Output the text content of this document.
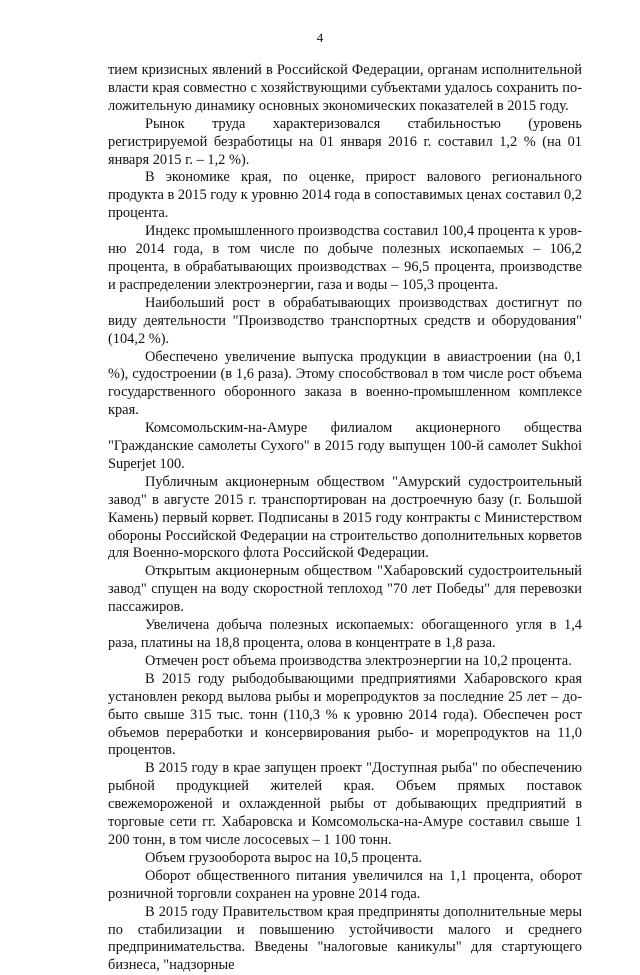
4

тием кризисных явлений в Российской Федерации, органам исполнительной власти края совместно с хозяйствующими субъектами удалось сохранить положительную динамику основных экономических показателей в 2015 году.

Рынок труда характеризовался стабильностью (уровень регистрируемой безработицы на 01 января 2016 г. составил 1,2 % (на 01 января 2015 г. – 1,2 %).

В экономике края, по оценке, прирост валового регионального продукта в 2015 году к уровню 2014 года в сопоставимых ценах составил 0,2 процента.

Индекс промышленного производства составил 100,4 процента к уровню 2014 года, в том числе по добыче полезных ископаемых – 106,2 процента, в обрабатывающих производствах – 96,5 процента, производстве и распределении электроэнергии, газа и воды – 105,3 процента.

Наибольший рост в обрабатывающих производствах достигнут по виду деятельности "Производство транспортных средств и оборудования" (104,2 %).

Обеспечено увеличение выпуска продукции в авиастроении (на 0,1 %), судостроении (в 1,6 раза). Этому способствовал в том числе рост объема государственного оборонного заказа в военно-промышленном комплексе края.

Комсомольским-на-Амуре филиалом акционерного общества "Гражданские самолеты Сухого" в 2015 году выпущен 100-й самолет Sukhoi Superjet 100.

Публичным акционерным обществом "Амурский судостроительный завод" в августе 2015 г. транспортирован на достроечную базу (г. Большой Камень) первый корвет. Подписаны в 2015 году контракты с Министерством обороны Российской Федерации на строительство дополнительных корветов для Военно-морского флота Российской Федерации.

Открытым акционерным обществом "Хабаровский судостроительный завод" спущен на воду скоростной теплоход "70 лет Победы" для перевозки пассажиров.

Увеличена добыча полезных ископаемых: обогащенного угля в 1,4 раза, платины на 18,8 процента, олова в концентрате в 1,8 раза.

Отмечен рост объема производства электроэнергии на 10,2 процента.

В 2015 году рыбодобывающими предприятиями Хабаровского края установлен рекорд вылова рыбы и морепродуктов за последние 25 лет – добыто свыше 315 тыс. тонн (110,3 % к уровню 2014 года). Обеспечен рост объемов переработки и консервирования рыбо- и морепродуктов на 11,0 процентов.

В 2015 году в крае запущен проект "Доступная рыба" по обеспечению рыбной продукцией жителей края. Объем прямых поставок свежемороженой и охлажденной рыбы от добывающих предприятий в торговые сети гг. Хабаровска и Комсомольска-на-Амуре составил свыше 1 200 тонн, в том числе лососевых – 1 100 тонн.

Объем грузооборота вырос на 10,5 процента.

Оборот общественного питания увеличился на 1,1 процента, оборот розничной торговли сохранен на уровне 2014 года.

В 2015 году Правительством края предприняты дополнительные меры по стабилизации и повышению устойчивости малого и среднего предпринимательства. Введены "налоговые каникулы" для стартующего бизнеса, "надзорные
